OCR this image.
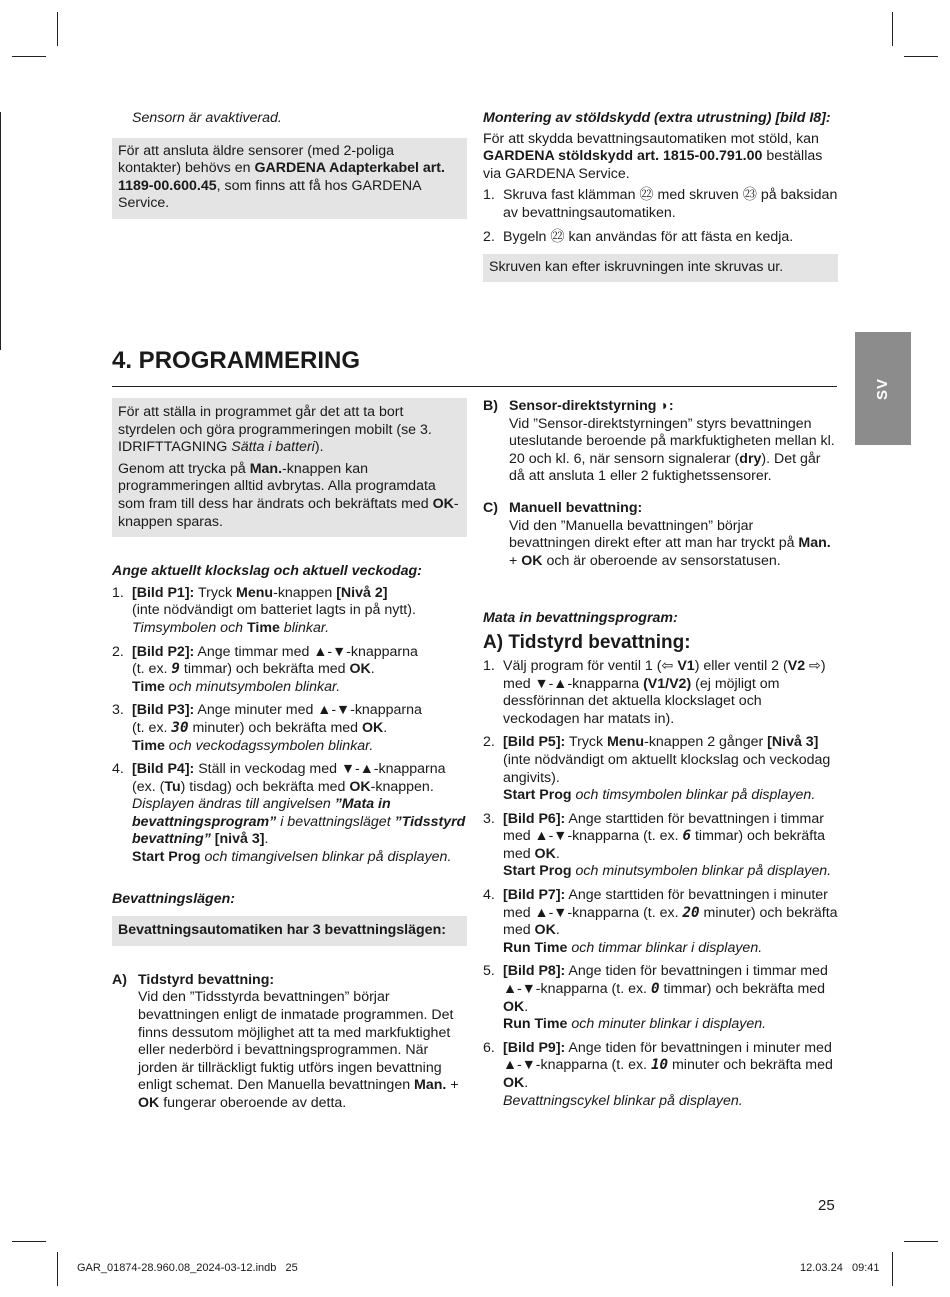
SV

Sensorn är avaktiverad.

För att ansluta äldre sensorer (med 2-poliga kontakter) behövs en GARDENA Adapterkabel art. 1189-00.600.45, som finns att få hos GARDENA Service.

Montering av stöldskydd (extra utrustning) [bild I8]:

För att skydda bevattningsautomatiken mot stöld, kan GARDENA stöldskydd art. 1815-00.791.00 beställas via GARDENA Service.

1. Skruva fast klämman ㉒ med skruven ㉓ på baksidan av bevattningsautomatiken.
2. Bygeln ㉒ kan användas för att fästa en kedja.
Skruven kan efter iskruvningen inte skruvas ur.
4. PROGRAMMERING

För att ställa in programmet går det att ta bort styrdelen och göra programmeringen mobilt (se 3. IDRIFTTAGNING Sätta i batteri).

Genom att trycka på Man.-knappen kan programmeringen alltid avbrytas. Alla programdata som fram till dess har ändrats och bekräftats med OK-knappen sparas.

Ange aktuellt klockslag och aktuell veckodag:

1. [Bild P1]: Tryck Menu-knappen [Nivå 2]
(inte nödvändigt om batteriet lagts in på nytt).
Timsymbolen och Time blinkar.
2. [Bild P2]: Ange timmar med ▲-▼-knapparna
(t. ex. 9 timmar) och bekräfta med OK.
Time och minutsymbolen blinkar.
3. [Bild P3]: Ange minuter med ▲-▼-knapparna
(t. ex. 30 minuter) och bekräfta med OK.
Time och veckodagssymbolen blinkar.
4. [Bild P4]: Ställ in veckodag med ▼-▲-knapparna (ex. (Tu) tisdag) och bekräfta med OK-knappen.
Displayen ändras till angivelsen ”Mata in bevattningsprogram” i bevattningsläget ”Tidsstyrd bevattning” [nivå 3].
Start Prog och timangivelsen blinkar på displayen.

Bevattningslägen:

Bevattningsautomatiken har 3 bevattningslägen:
A) Tidstyrd bevattning:
Vid den ”Tidsstyrda bevattningen” börjar bevattningen enligt de inmatade programmen. Det finns dessutom möjlighet att ta med markfuktighet eller nederbörd i bevattningsprogrammen. När jorden är tillräckligt fuktig utförs ingen bevattning enligt schemat. Den Manuella bevattningen Man. + OK fungerar oberoende av detta.
B) Sensor-direktstyrning ◗:
Vid ”Sensor-direktstyrningen” styrs bevattningen uteslutande beroende på markfuktigheten mellan kl. 20 och kl. 6, när sensorn signalerar (dry). Det går då att ansluta 1 eller 2 fuktighetssensorer.
C) Manuell bevattning:
Vid den ”Manuella bevattningen” börjar bevattningen direkt efter att man har tryckt på Man. + OK och är oberoende av sensorstatusen.

Mata in bevattningsprogram:

A) Tidstyrd bevattning:

1. Välj program för ventil 1 (⇦ V1) eller ventil 2 (V2 ⇨) med ▼-▲-knapparna (V1/V2) (ej möjligt om dessförinnan det aktuella klockslaget och veckodagen har matats in).
2. [Bild P5]: Tryck Menu-knappen 2 gånger [Nivå 3] (inte nödvändigt om aktuellt klockslag och veckodag angivits).
Start Prog och timsymbolen blinkar på displayen.
3. [Bild P6]: Ange starttiden för bevattningen i timmar med ▲-▼-knapparna (t. ex. 6 timmar) och bekräfta med OK.
Start Prog och minutsymbolen blinkar på displayen.
4. [Bild P7]: Ange starttiden för bevattningen i minuter med ▲-▼-knapparna (t. ex. 20 minuter) och bekräfta med OK.
Run Time och timmar blinkar i displayen.
5. [Bild P8]: Ange tiden för bevattningen i timmar med ▲-▼-knapparna (t. ex. 0 timmar) och bekräfta med OK.
Run Time och minuter blinkar i displayen.
6. [Bild P9]: Ange tiden för bevattningen i minuter med ▲-▼-knapparna (t. ex. 10 minuter och bekräfta med OK.
Bevattningscykel blinkar på displayen.
25
GAR_01874-28.960.08_2024-03-12.indb   25	12.03.24   09:41
